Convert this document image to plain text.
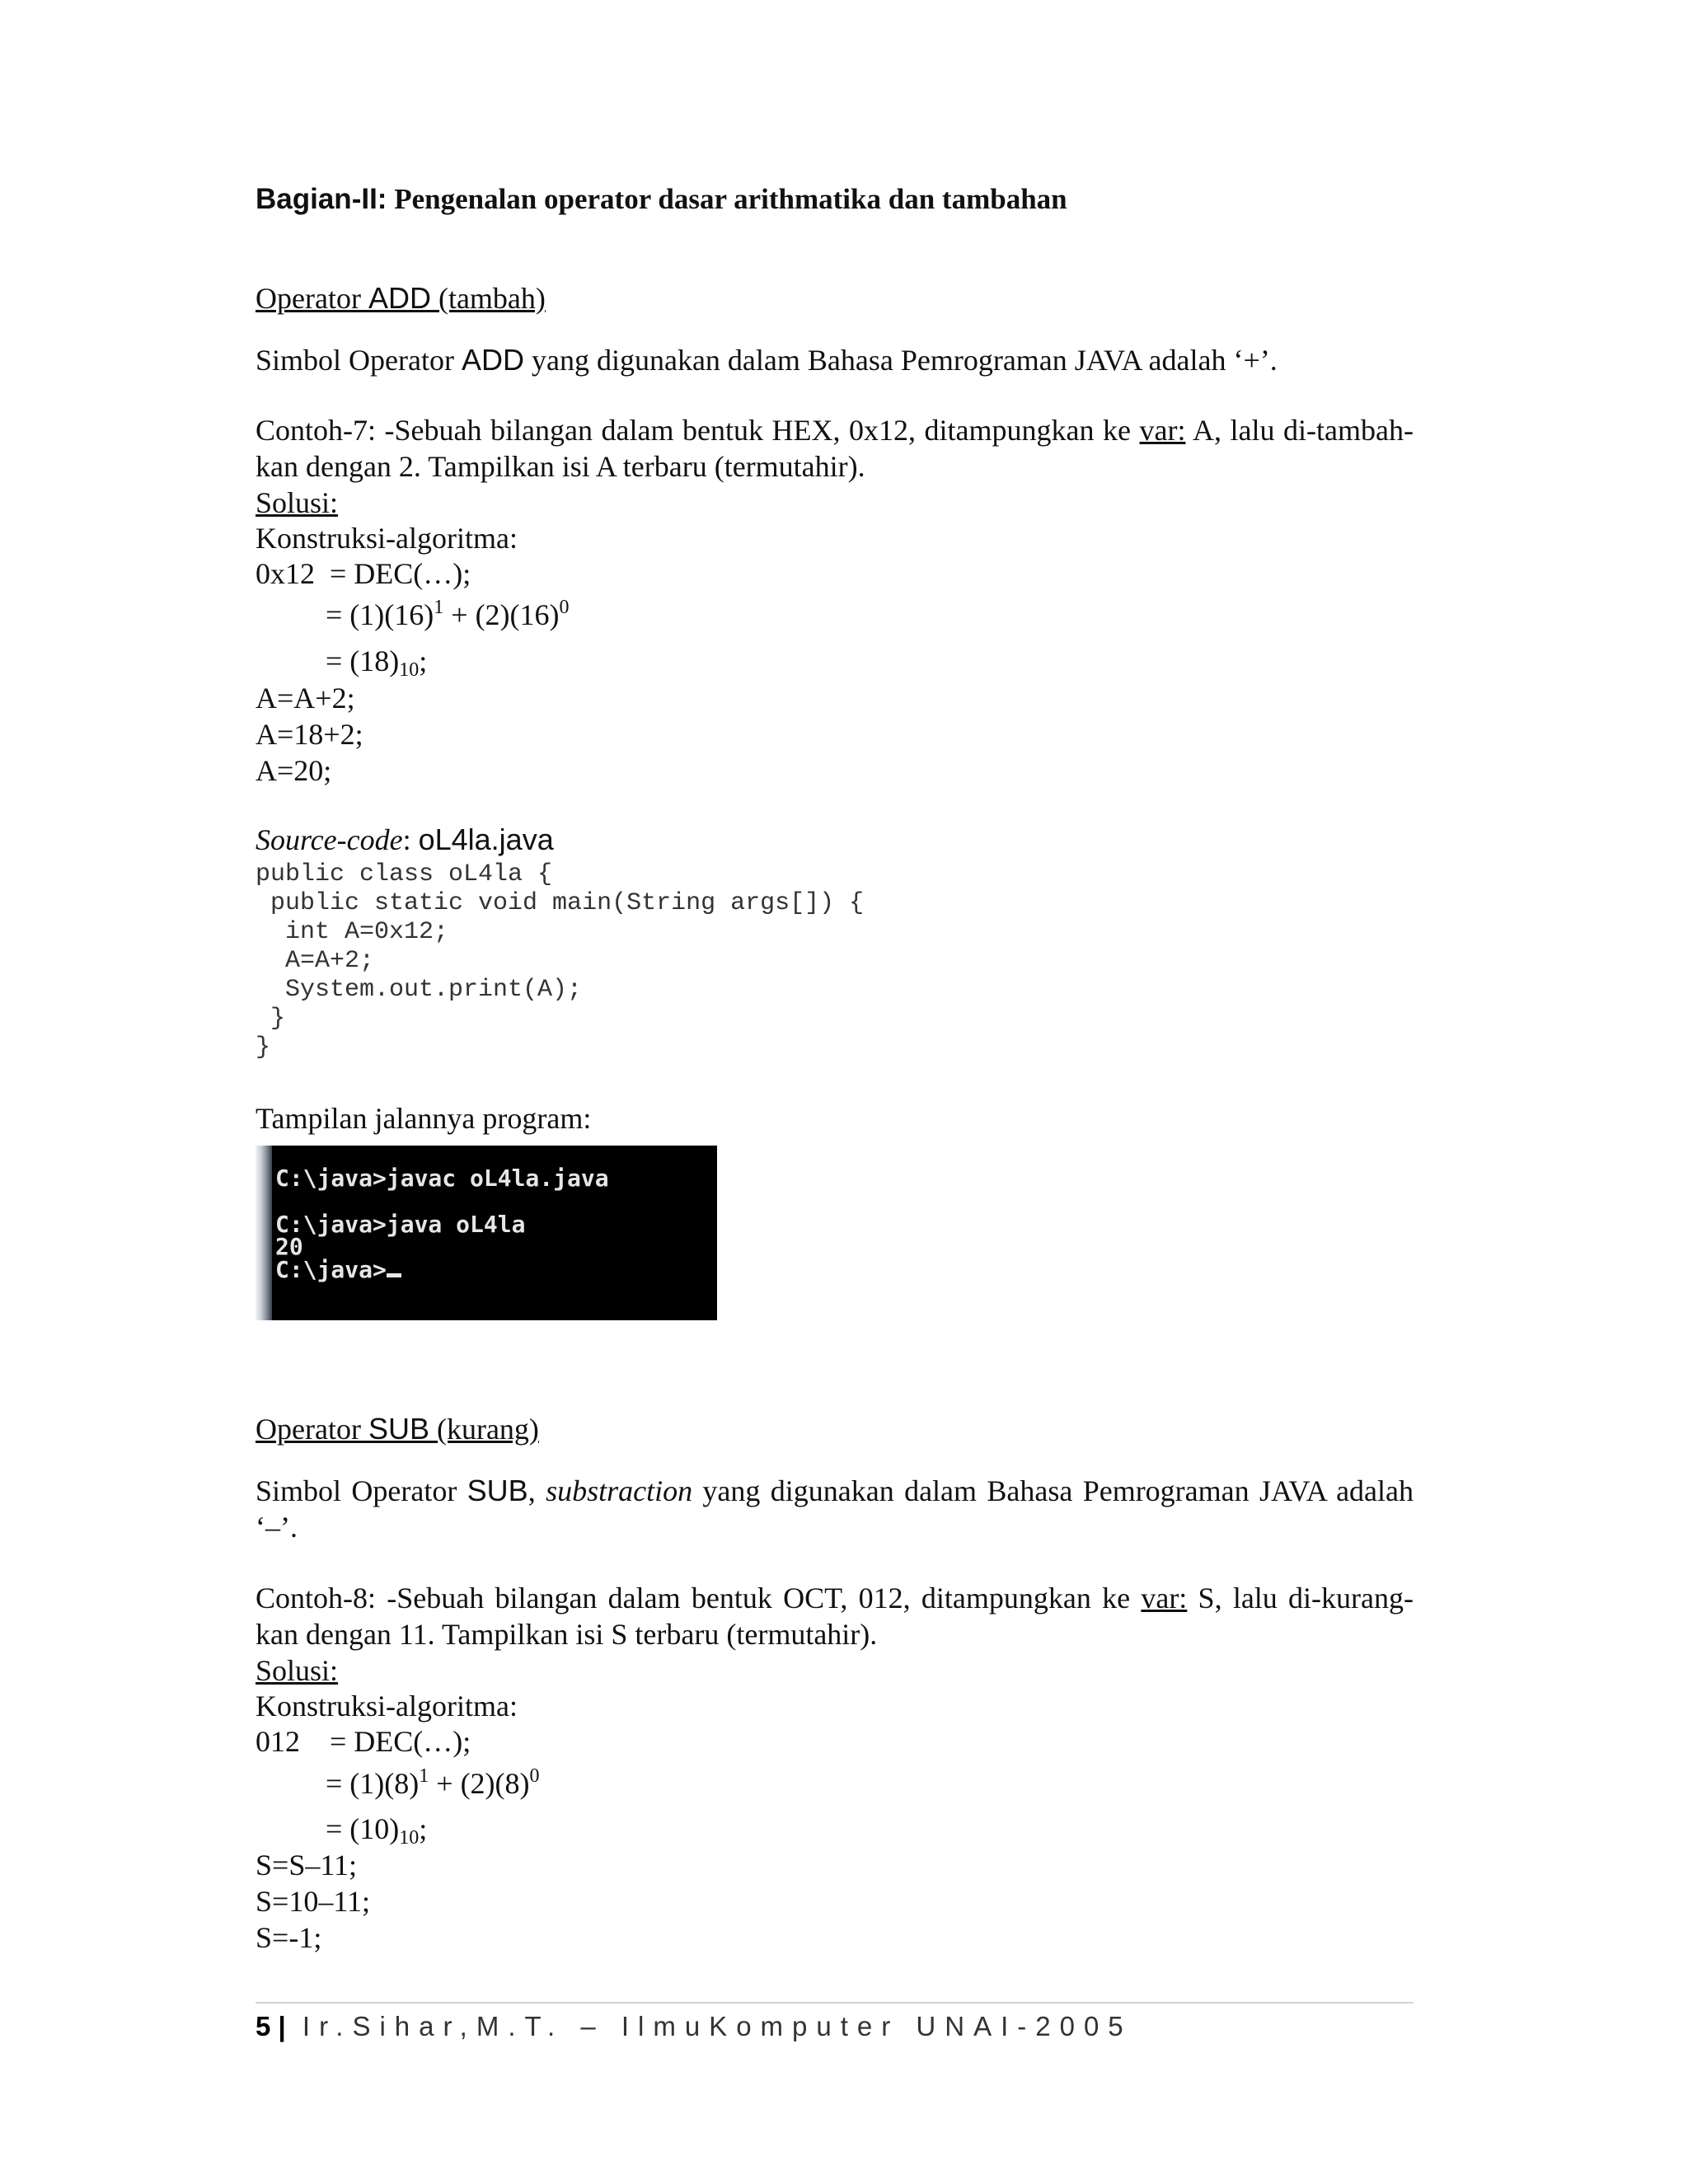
Bagian-II: Pengenalan operator dasar arithmatika dan tambahan
Operator ADD (tambah)
Simbol Operator ADD yang digunakan dalam Bahasa Pemrograman JAVA adalah ‘+’.
Contoh-7: -Sebuah bilangan dalam bentuk HEX, 0x12, ditampungkan ke var: A, lalu di-tambah-kan dengan 2. Tampilkan isi A terbaru (termutahir).
Solusi:
Konstruksi-algoritma:
0x12  = DEC(…);
= $(1)(16)^1 + (2)(16)^0$
= $(18)_{10}$;
A=A+2;
A=18+2;
A=20;
Source-code: oL4la.java
public class oL4la {
public static void main(String args[]) {
int A=0x12;
A=A+2;
System.out.print(A);
}
}
Tampilan jalannya program:
C:\java>javac oL4la.java
C:\java>java oL4la
20
C:\java>
Operator SUB (kurang)
Simbol Operator SUB, substraction yang digunakan dalam Bahasa Pemrograman JAVA adalah ‘–’.
Contoh-8: -Sebuah bilangan dalam bentuk OCT, 012, ditampungkan ke var: S, lalu di-kurang-kan dengan 11. Tampilkan isi S terbaru (termutahir).
Solusi:
Konstruksi-algoritma:
012    = DEC(…);
= $(1)(8)^1 + (2)(8)^0$
= $(10)_{10}$;
S=S–11;
S=10–11;
S=-1;
5 | Ir.Sihar,M.T. – IlmuKomputer UNAI-2005
